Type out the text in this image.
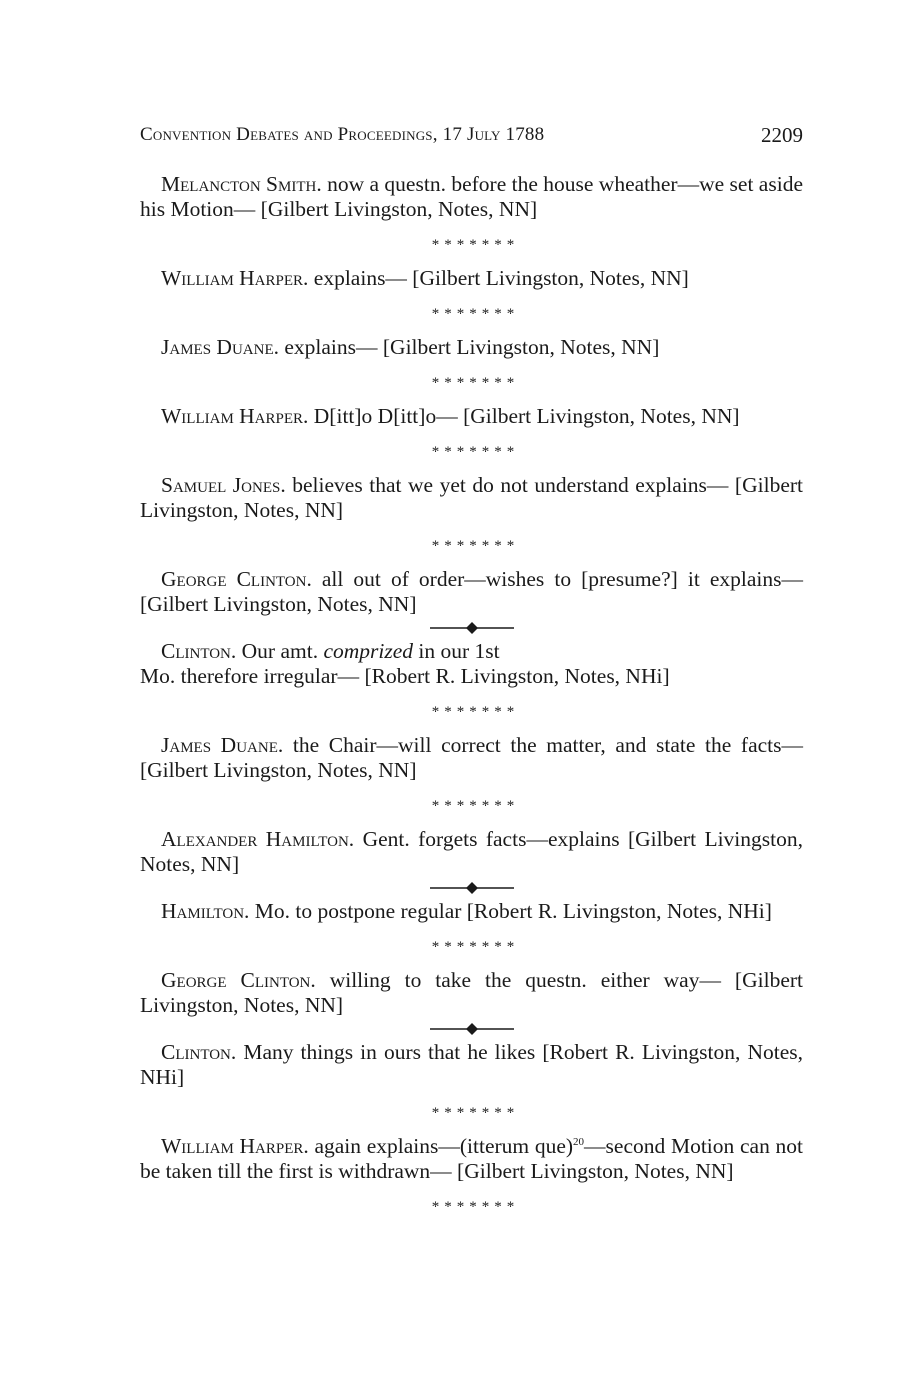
Convention Debates and Proceedings, 17 July 1788	2209

Melancton Smith. now a questn. before the house wheather—we set aside his Motion— [Gilbert Livingston, Notes, NN]

*******

William Harper. explains— [Gilbert Livingston, Notes, NN]

*******

James Duane. explains— [Gilbert Livingston, Notes, NN]

*******

William Harper. D[itt]o D[itt]o— [Gilbert Livingston, Notes, NN]

*******

Samuel Jones. believes that we yet do not understand explains— [Gilbert Livingston, Notes, NN]

*******

George Clinton. all out of order—wishes to [presume?] it explains— [Gilbert Livingston, Notes, NN]

Clinton. Our amt. comprized in our 1st
Mo. therefore irregular— [Robert R. Livingston, Notes, NHi]

*******

James Duane. the Chair—will correct the matter, and state the facts— [Gilbert Livingston, Notes, NN]

*******

Alexander Hamilton. Gent. forgets facts—explains [Gilbert Livingston, Notes, NN]

Hamilton. Mo. to postpone regular [Robert R. Livingston, Notes, NHi]

*******

George Clinton. willing to take the questn. either way— [Gilbert Livingston, Notes, NN]

Clinton. Many things in ours that he likes [Robert R. Livingston, Notes, NHi]

*******

William Harper. again explains—(itterum que)$^{20}$—second Motion can not be taken till the first is withdrawn— [Gilbert Livingston, Notes, NN]

*******
